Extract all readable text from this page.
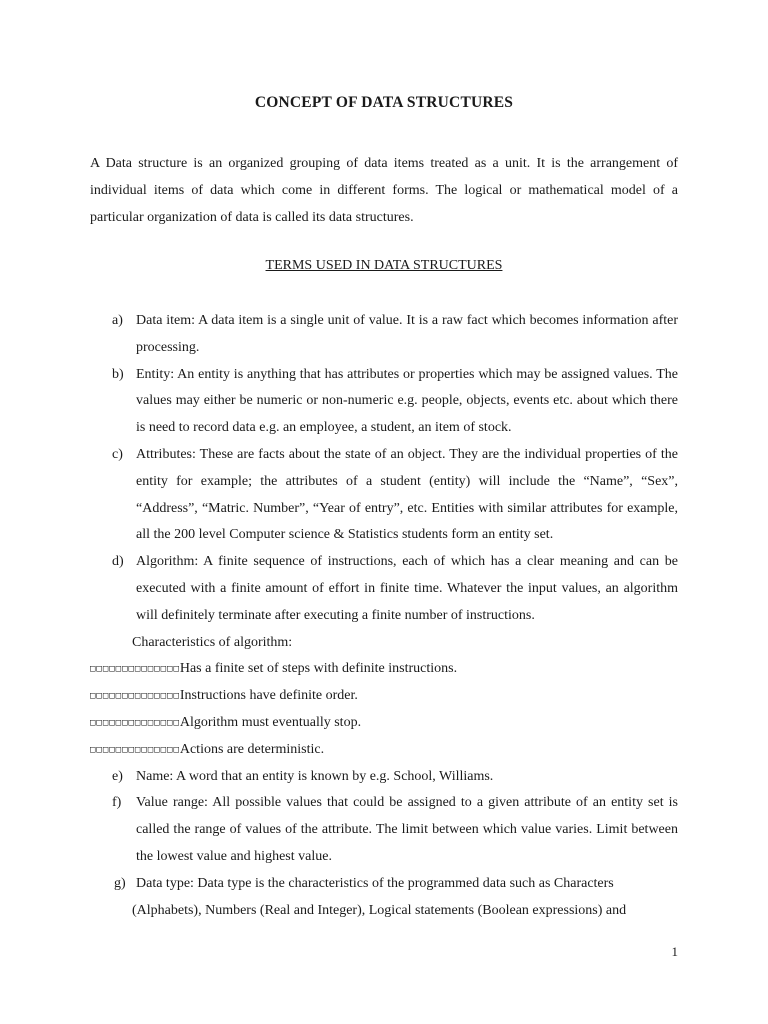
CONCEPT OF DATA STRUCTURES

A Data structure is an organized grouping of data items treated as a unit. It is the arrangement of individual items of data which come in different forms. The logical or mathematical model of a particular organization of data is called its data structures.

TERMS USED IN DATA STRUCTURES
a) Data item: A data item is a single unit of value. It is a raw fact which becomes information after processing.
b) Entity: An entity is anything that has attributes or properties which may be assigned values. The values may either be numeric or non-numeric e.g. people, objects, events etc. about which there is need to record data e.g. an employee, a student, an item of stock.
c) Attributes: These are facts about the state of an object. They are the individual properties of the entity for example; the attributes of a student (entity) will include the “Name”, “Sex”, “Address”, “Matric. Number”, “Year of entry”, etc. Entities with similar attributes for example, all the 200 level Computer science & Statistics students form an entity set.
d) Algorithm: A finite sequence of instructions, each of which has a clear meaning and can be executed with a finite amount of effort in finite time. Whatever the input values, an algorithm will definitely terminate after executing a finite number of instructions.
Characteristics of algorithm:
□□□□□□□□□□□□□□Has a finite set of steps with definite instructions.
□□□□□□□□□□□□□□Instructions have definite order.
□□□□□□□□□□□□□□Algorithm must eventually stop.
□□□□□□□□□□□□□□Actions are deterministic.
e) Name: A word that an entity is known by e.g. School, Williams.
f) Value range: All possible values that could be assigned to a given attribute of an entity set is called the range of values of the attribute. The limit between which value varies. Limit between the lowest value and highest value.
g) Data type: Data type is the characteristics of the programmed data such as Characters
(Alphabets), Numbers (Real and Integer), Logical statements (Boolean expressions) and
1
